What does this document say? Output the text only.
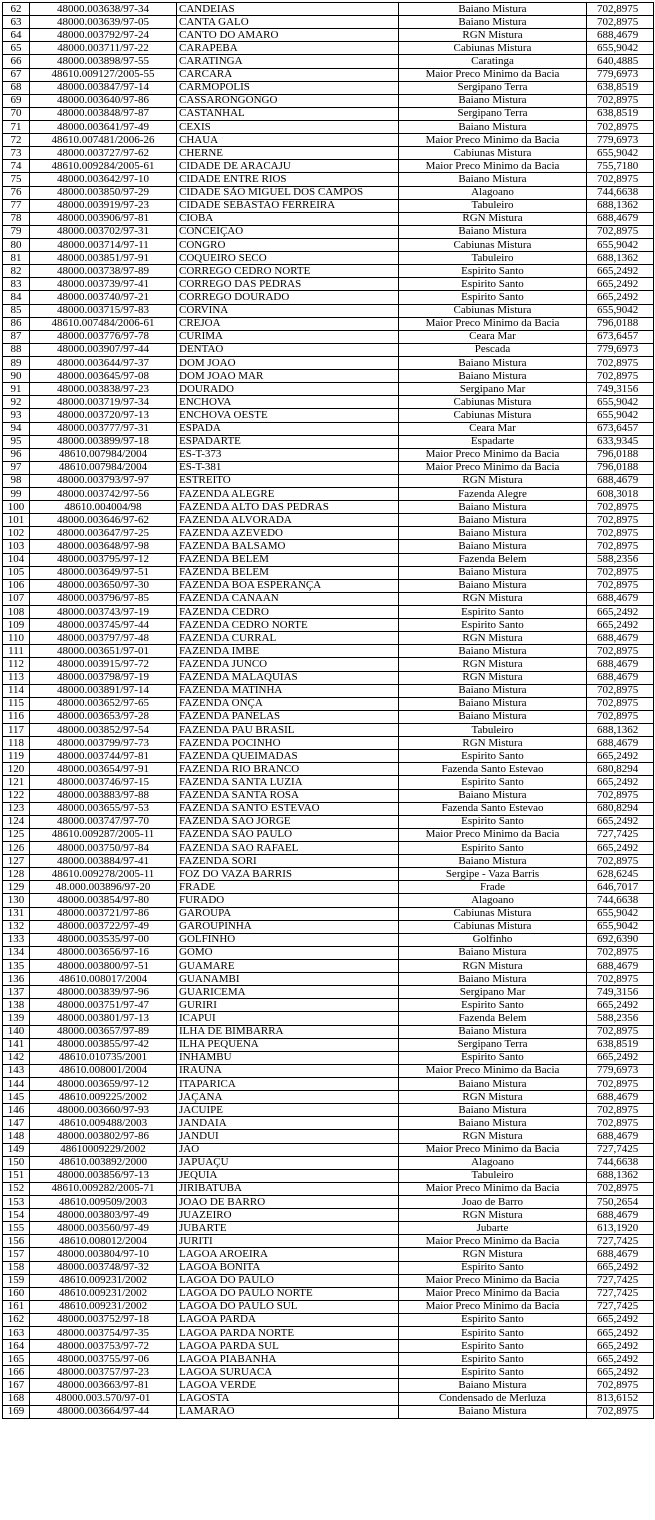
62	48000.003638/97-34	CANDEIAS	Baiano Mistura	702,8975
63	48000.003639/97-05	CANTA GALO	Baiano Mistura	702,8975
64	48000.003792/97-24	CANTO DO AMARO	RGN Mistura	688,4679
65	48000.003711/97-22	CARAPEBA	Cabiunas Mistura	655,9042
66	48000.003898/97-55	CARATINGA	Caratinga	640,4885
67	48610.009127/2005-55	CARCARÁ	Maior Preco Minimo da Bacia	779,6973
68	48000.003847/97-14	CARMOPOLIS	Sergipano Terra	638,8519
69	48000.003640/97-86	CASSARONGONGO	Baiano Mistura	702,8975
70	48000.003848/97-87	CASTANHAL	Sergipano Terra	638,8519
71	48000.003641/97-49	CEXIS	Baiano Mistura	702,8975
72	48610.007481/2006-26	CHAUA	Maior Preco Minimo da Bacia	779,6973
73	48000.003727/97-62	CHERNE	Cabiunas Mistura	655,9042
74	48610.009284/2005-61	CIDADE DE ARACAJU	Maior Preco Minimo da Bacia	755,7180
75	48000.003642/97-10	CIDADE ENTRE RIOS	Baiano Mistura	702,8975
76	48000.003850/97-29	CIDADE SÃO MIGUEL DOS CAMPOS	Alagoano	744,6638
77	48000.003919/97-23	CIDADE SEBASTAO FERREIRA	Tabuleiro	688,1362
78	48000.003906/97-81	CIOBA	RGN Mistura	688,4679
79	48000.003702/97-31	CONCEIÇAO	Baiano Mistura	702,8975
80	48000.003714/97-11	CONGRO	Cabiunas Mistura	655,9042
81	48000.003851/97-91	COQUEIRO SECO	Tabuleiro	688,1362
82	48000.003738/97-89	CORREGO CEDRO NORTE	Espirito Santo	665,2492
83	48000.003739/97-41	CORREGO DAS PEDRAS	Espirito Santo	665,2492
84	48000.003740/97-21	CORREGO DOURADO	Espirito Santo	665,2492
85	48000.003715/97-83	CORVINA	Cabiunas Mistura	655,9042
86	48610.007484/2006-61	CREJOA	Maior Preco Minimo da Bacia	796,0188
87	48000.003776/97-78	CURIMA	Ceara Mar	673,6457
88	48000.003907/97-44	DENTAO	Pescada	779,6973
89	48000.003644/97-37	DOM JOAO	Baiano Mistura	702,8975
90	48000.003645/97-08	DOM JOAO MAR	Baiano Mistura	702,8975
91	48000.003838/97-23	DOURADO	Sergipano Mar	749,3156
92	48000.003719/97-34	ENCHOVA	Cabiunas Mistura	655,9042
93	48000.003720/97-13	ENCHOVA OESTE	Cabiunas Mistura	655,9042
94	48000.003777/97-31	ESPADA	Ceara Mar	673,6457
95	48000.003899/97-18	ESPADARTE	Espadarte	633,9345
96	48610.007984/2004	ES-T-373	Maior Preco Minimo da Bacia	796,0188
97	48610.007984/2004	ES-T-381	Maior Preco Minimo da Bacia	796,0188
98	48000.003793/97-97	ESTREITO	RGN Mistura	688,4679
99	48000.003742/97-56	FAZENDA ALEGRE	Fazenda Alegre	608,3018
100	48610.004004/98	FAZENDA ALTO DAS PEDRAS	Baiano Mistura	702,8975
101	48000.003646/97-62	FAZENDA ALVORADA	Baiano Mistura	702,8975
102	48000.003647/97-25	FAZENDA AZEVEDO	Baiano Mistura	702,8975
103	48000.003648/97-98	FAZENDA BALSAMO	Baiano Mistura	702,8975
104	48000.003795/97-12	FAZENDA BELEM	Fazenda Belem	588,2356
105	48000.003649/97-51	FAZENDA BELEM	Baiano Mistura	702,8975
106	48000.003650/97-30	FAZENDA BOA ESPERANÇA	Baiano Mistura	702,8975
107	48000.003796/97-85	FAZENDA CANAAN	RGN Mistura	688,4679
108	48000.003743/97-19	FAZENDA CEDRO	Espirito Santo	665,2492
109	48000.003745/97-44	FAZENDA CEDRO NORTE	Espirito Santo	665,2492
110	48000.003797/97-48	FAZENDA CURRAL	RGN Mistura	688,4679
111	48000.003651/97-01	FAZENDA IMBE	Baiano Mistura	702,8975
112	48000.003915/97-72	FAZENDA JUNCO	RGN Mistura	688,4679
113	48000.003798/97-19	FAZENDA MALAQUIAS	RGN Mistura	688,4679
114	48000.003891/97-14	FAZENDA MATINHA	Baiano Mistura	702,8975
115	48000.003652/97-65	FAZENDA ONÇA	Baiano Mistura	702,8975
116	48000.003653/97-28	FAZENDA PANELAS	Baiano Mistura	702,8975
117	48000.003852/97-54	FAZENDA PAU BRASIL	Tabuleiro	688,1362
118	48000.003799/97-73	FAZENDA POCINHO	RGN Mistura	688,4679
119	48000.003744/97-81	FAZENDA QUEIMADAS	Espirito Santo	665,2492
120	48000.003654/97-91	FAZENDA RIO BRANCO	Fazenda Santo Estevao	680,8294
121	48000.003746/97-15	FAZENDA SANTA LUZIA	Espirito Santo	665,2492
122	48000.003883/97-88	FAZENDA SANTA ROSA	Baiano Mistura	702,8975
123	48000.003655/97-53	FAZENDA SANTO ESTEVAO	Fazenda Santo Estevao	680,8294
124	48000.003747/97-70	FAZENDA SAO JORGE	Espirito Santo	665,2492
125	48610.009287/2005-11	FAZENDA SÃO PAULO	Maior Preco Minimo da Bacia	727,7425
126	48000.003750/97-84	FAZENDA SAO RAFAEL	Espirito Santo	665,2492
127	48000.003884/97-41	FAZENDA SORI	Baiano Mistura	702,8975
128	48610.009278/2005-11	FOZ DO VAZA BARRIS	Sergipe - Vaza Barris	628,6245
129	48.000.003896/97-20	FRADE	Frade	646,7017
130	48000.003854/97-80	FURADO	Alagoano	744,6638
131	48000.003721/97-86	GAROUPA	Cabiunas Mistura	655,9042
132	48000.003722/97-49	GAROUPINHA	Cabiunas Mistura	655,9042
133	48000.003535/97-00	GOLFINHO	Golfinho	692,6390
134	48000.003656/97-16	GOMO	Baiano Mistura	702,8975
135	48000.003800/97-51	GUAMARE	RGN Mistura	688,4679
136	48610.008017/2004	GUANAMBI	Baiano Mistura	702,8975
137	48000.003839/97-96	GUARICEMA	Sergipano Mar	749,3156
138	48000.003751/97-47	GURIRI	Espirito Santo	665,2492
139	48000.003801/97-13	ICAPUI	Fazenda Belem	588,2356
140	48000.003657/97-89	ILHA DE BIMBARRA	Baiano Mistura	702,8975
141	48000.003855/97-42	ILHA PEQUENA	Sergipano Terra	638,8519
142	48610.010735/2001	INHAMBU	Espirito Santo	665,2492
143	48610.008001/2004	IRAÚNA	Maior Preco Minimo da Bacia	779,6973
144	48000.003659/97-12	ITAPARICA	Baiano Mistura	702,8975
145	48610.009225/2002	JAÇANA	RGN Mistura	688,4679
146	48000.003660/97-93	JACUIPE	Baiano Mistura	702,8975
147	48610.009488/2003	JANDAIA	Baiano Mistura	702,8975
148	48000.003802/97-86	JANDUI	RGN Mistura	688,4679
149	48610009229/2002	JAÓ	Maior Preco Minimo da Bacia	727,7425
150	48610.003892/2000	JAPUAÇU	Alagoano	744,6638
151	48000.003856/97-13	JEQUIA	Tabuleiro	688,1362
152	48610.009282/2005-71	JIRIBATUBA	Maior Preco Minimo da Bacia	702,8975
153	48610.009509/2003	JOAO DE BARRO	Joao de Barro	750,2654
154	48000.003803/97-49	JUAZEIRO	RGN Mistura	688,4679
155	48000.003560/97-49	JUBARTE	Jubarte	613,1920
156	48610.008012/2004	JURITI	Maior Preco Minimo da Bacia	727,7425
157	48000.003804/97-10	LAGOA AROEIRA	RGN Mistura	688,4679
158	48000.003748/97-32	LAGOA BONITA	Espirito Santo	665,2492
159	48610.009231/2002	LAGOA DO PAULO	Maior Preco Minimo da Bacia	727,7425
160	48610.009231/2002	LAGOA DO PAULO NORTE	Maior Preco Minimo da Bacia	727,7425
161	48610.009231/2002	LAGOA DO PAULO SUL	Maior Preco Minimo da Bacia	727,7425
162	48000.003752/97-18	LAGOA PARDA	Espirito Santo	665,2492
163	48000.003754/97-35	LAGOA PARDA NORTE	Espirito Santo	665,2492
164	48000.003753/97-72	LAGOA PARDA SUL	Espirito Santo	665,2492
165	48000.003755/97-06	LAGOA PIABANHA	Espirito Santo	665,2492
166	48000.003757/97-23	LAGOA SURUACA	Espirito Santo	665,2492
167	48000.003663/97-81	LAGOA VERDE	Baiano Mistura	702,8975
168	48000.003.570/97-01	LAGOSTA	Condensado de Merluza	813,6152
169	48000.003664/97-44	LAMARAO	Baiano Mistura	702,8975
